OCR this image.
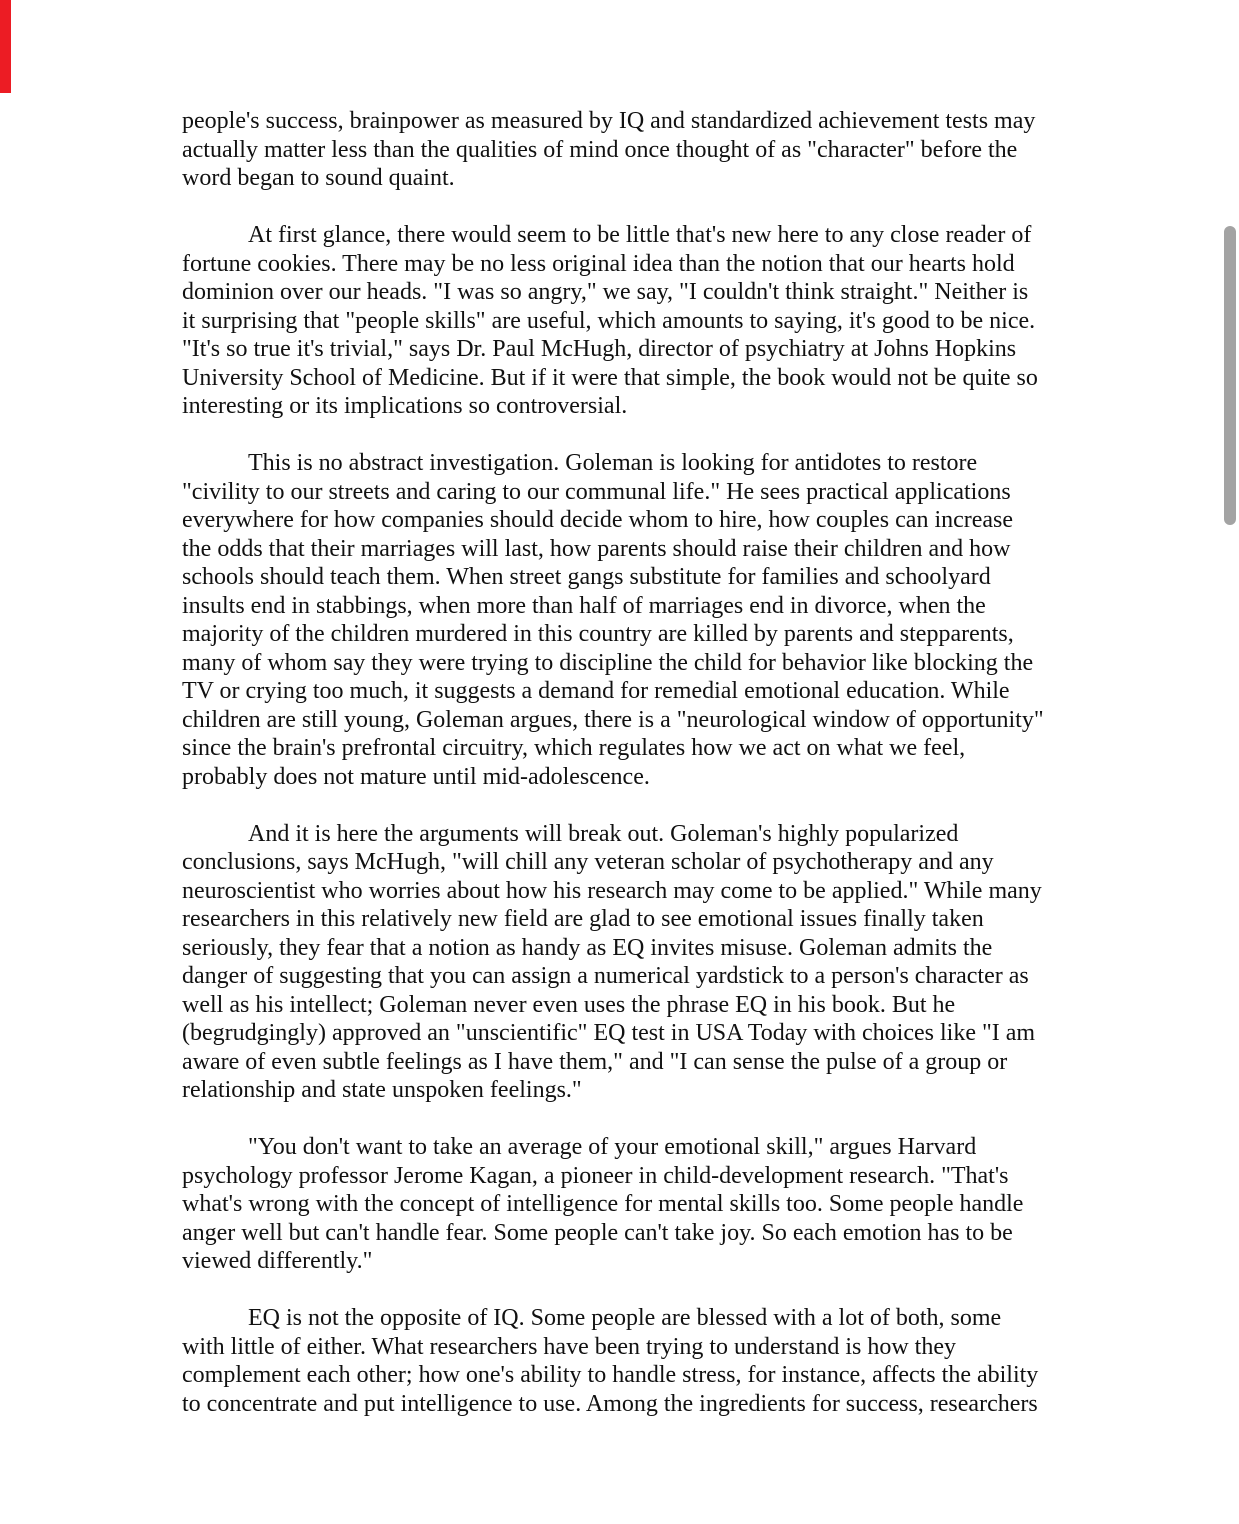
people's success, brainpower as measured by IQ and standardized achievement tests may
actually matter less than the qualities of mind once thought of as "character" before the
word began to sound quaint.
At first glance, there would seem to be little that's new here to any close reader of
fortune cookies. There may be no less original idea than the notion that our hearts hold
dominion over our heads. "I was so angry," we say, "I couldn't think straight." Neither is
it surprising that "people skills" are useful, which amounts to saying, it's good to be nice.
"It's so true it's trivial," says Dr. Paul McHugh, director of psychiatry at Johns Hopkins
University School of Medicine. But if it were that simple, the book would not be quite so
interesting or its implications so controversial.
This is no abstract investigation. Goleman is looking for antidotes to restore
"civility to our streets and caring to our communal life." He sees practical applications
everywhere for how companies should decide whom to hire, how couples can increase
the odds that their marriages will last, how parents should raise their children and how
schools should teach them. When street gangs substitute for families and schoolyard
insults end in stabbings, when more than half of marriages end in divorce, when the
majority of the children murdered in this country are killed by parents and stepparents,
many of whom say they were trying to discipline the child for behavior like blocking the
TV or crying too much, it suggests a demand for remedial emotional education. While
children are still young, Goleman argues, there is a "neurological window of opportunity"
since the brain's prefrontal circuitry, which regulates how we act on what we feel,
probably does not mature until mid-adolescence.
And it is here the arguments will break out. Goleman's highly popularized
conclusions, says McHugh, "will chill any veteran scholar of psychotherapy and any
neuroscientist who worries about how his research may come to be applied." While many
researchers in this relatively new field are glad to see emotional issues finally taken
seriously, they fear that a notion as handy as EQ invites misuse. Goleman admits the
danger of suggesting that you can assign a numerical yardstick to a person's character as
well as his intellect; Goleman never even uses the phrase EQ in his book. But he
(begrudgingly) approved an "unscientific" EQ test in USA Today with choices like "I am
aware of even subtle feelings as I have them," and "I can sense the pulse of a group or
relationship and state unspoken feelings."
"You don't want to take an average of your emotional skill," argues Harvard
psychology professor Jerome Kagan, a pioneer in child-development research. "That's
what's wrong with the concept of intelligence for mental skills too. Some people handle
anger well but can't handle fear. Some people can't take joy. So each emotion has to be
viewed differently."
EQ is not the opposite of IQ. Some people are blessed with a lot of both, some
with little of either. What researchers have been trying to understand is how they
complement each other; how one's ability to handle stress, for instance, affects the ability
to concentrate and put intelligence to use. Among the ingredients for success, researchers
